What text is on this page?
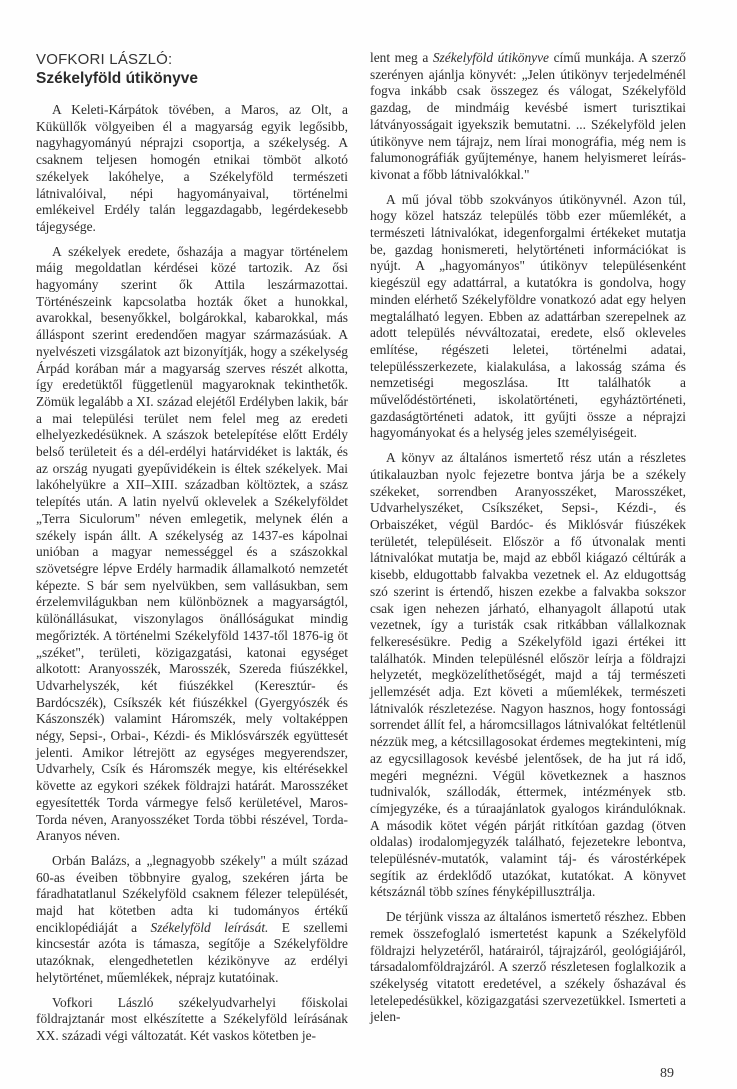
VOFKORI LÁSZLÓ:
Székelyföld útikönyve

A Keleti-Kárpátok tövében, a Maros, az Olt, a Küküllők völgyeiben él a magyarság egyik legősibb, nagyhagyományú néprajzi csoportja, a székelység. A csaknem teljesen homogén etnikai tömböt alkotó székelyek lakóhelye, a Székelyföld természeti látnivalóival, népi hagyományaival, történelmi emlékeivel Erdély talán leggazdagabb, legérdekesebb tájegysége.

A székelyek eredete, őshazája a magyar történelem máig megoldatlan kérdései közé tartozik. Az ősi hagyomány szerint ők Attila leszármazottai. Történészeink kapcsolatba hozták őket a hunokkal, avarokkal, besenyőkkel, bolgárokkal, kabarokkal, más álláspont szerint eredendően magyar származásúak. A nyelvészeti vizsgálatok azt bizonyítják, hogy a székelység Árpád korában már a magyarság szerves részét alkotta, így eredetüktől függetlenül magyaroknak tekinthetők. Zömük legalább a XI. század elejétől Erdélyben lakik, bár a mai települési terület nem felel meg az eredeti elhelyezkedésüknek. A szászok betelepítése előtt Erdély belső területeit és a dél-erdélyi határvidéket is lakták, és az ország nyugati gyepűvidékein is éltek székelyek. Mai lakóhelyükre a XII–XIII. században költöztek, a szász telepítés után. A latin nyelvű oklevelek a Székelyföldet „Terra Siculorum" néven emlegetik, melynek élén a székely ispán állt. A székelység az 1437-es kápolnai unióban a magyar nemességgel és a szászokkal szövetségre lépve Erdély harmadik államalkotó nemzetét képezte. S bár sem nyelvükben, sem vallásukban, sem érzelemvilágukban nem különböznek a magyarságtól, különállásukat, viszonylagos önállóságukat mindig megőrizték. A történelmi Székelyföld 1437-től 1876-ig öt „széket", területi, közigazgatási, katonai egységet alkotott: Aranyosszék, Marosszék, Szereda fiúszékkel, Udvarhelyszék, két fiúszékkel (Keresztúr- és Bardócszék), Csíkszék két fiúszékkel (Gyergyószék és Kászonszék) valamint Háromszék, mely voltaképpen négy, Sepsi-, Orbai-, Kézdi- és Miklósvárszék együttesét jelenti. Amikor létrejött az egységes megyerendszer, Udvarhely, Csík és Háromszék megye, kis eltérésekkel követte az egykori székek földrajzi határát. Marosszéket egyesítették Torda vármegye felső kerületével, Maros-Torda néven, Aranyosszéket Torda többi részével, Torda-Aranyos néven.

Orbán Balázs, a „legnagyobb székely" a múlt század 60-as éveiben többnyire gyalog, szekéren járta be fáradhatatlanul Székelyföld csaknem félezer települését, majd hat kötetben adta ki tudományos értékű enciklopédiáját a Székelyföld leírását. E szellemi kincsestár azóta is támasza, segítője a Székelyföldre utazóknak, elengedhetetlen kézikönyve az erdélyi helytörténet, műemlékek, néprajz kutatóinak.

Vofkori László székelyudvarhelyi főiskolai földrajztanár most elkészítette a Székelyföld leírásának XX. századi végi változatát. Két vaskos kötetben je-

lent meg a Székelyföld útikönyve című munkája. A szerző szerényen ajánlja könyvét: „Jelen útikönyv terjedelménél fogva inkább csak összegez és válogat, Székelyföld gazdag, de mindmáig kevésbé ismert turisztikai látványosságait igyekszik bemutatni. ... Székelyföld jelen útikönyve nem tájrajz, nem lírai monográfia, még nem is falumonográfiák gyűjteménye, hanem helyismeret leírás-kivonat a főbb látnivalókkal."

A mű jóval több szokványos útikönyvnél. Azon túl, hogy közel hatszáz település több ezer műemlékét, a természeti látnivalókat, idegenforgalmi értékeket mutatja be, gazdag honismereti, helytörténeti információkat is nyújt. A „hagyományos" útikönyv településenként kiegészül egy adattárral, a kutatókra is gondolva, hogy minden elérhető Székelyföldre vonatkozó adat egy helyen megtalálható legyen. Ebben az adattárban szerepelnek az adott település névváltozatai, eredete, első okleveles említése, régészeti leletei, történelmi adatai, településszerkezete, kialakulása, a lakosság száma és nemzetiségi megoszlása. Itt találhatók a művelődéstörténeti, iskolatörténeti, egyháztörténeti, gazdaságtörténeti adatok, itt gyűjti össze a néprajzi hagyományokat és a helység jeles személyiségeit.

A könyv az általános ismertető rész után a részletes útikalauzban nyolc fejezetre bontva járja be a székely székeket, sorrendben Aranyosszéket, Marosszéket, Udvarhelyszéket, Csíkszéket, Sepsi-, Kézdi-, és Orbaiszéket, végül Bardóc- és Miklósvár fiúszékek területét, településeit. Először a fő útvonalak menti látnivalókat mutatja be, majd az ebből kiágazó céltúrák a kisebb, eldugottabb falvakba vezetnek el. Az eldugottság szó szerint is értendő, hiszen ezekbe a falvakba sokszor csak igen nehezen járható, elhanyagolt állapotú utak vezetnek, így a turisták csak ritkábban vállalkoznak felkeresésükre. Pedig a Székelyföld igazi értékei itt találhatók. Minden településnél először leírja a földrajzi helyzetét, megközelíthetőségét, majd a táj természeti jellemzését adja. Ezt követi a műemlékek, természeti látnivalók részletezése. Nagyon hasznos, hogy fontossági sorrendet állít fel, a háromcsillagos látnivalókat feltétlenül nézzük meg, a kétcsillagosokat érdemes megtekinteni, míg az egycsillagosok kevésbé jelentősek, de ha jut rá idő, megéri megnézni. Végül következnek a hasznos tudnivalók, szállodák, éttermek, intézmények stb. címjegyzéke, és a túraajánlatok gyalogos kirándulóknak. A második kötet végén párját ritkítóan gazdag (ötven oldalas) irodalomjegyzék található, fejezetekre lebontva, településnév-mutatók, valamint táj- és várostérképek segítik az érdeklődő utazókat, kutatókat. A könyvet kétszáznál több színes fényképillusztrálja.

De térjünk vissza az általános ismertető részhez. Ebben remek összefoglaló ismertetést kapunk a Székelyföld földrajzi helyzetéről, határairól, tájrajzáról, geológiájáról, társadalomföldrajzáról. A szerző részletesen foglalkozik a székelység vitatott eredetével, a székely őshazával és letelepedésükkel, közigazgatási szervezetükkel. Ismerteti a jelen-

89
